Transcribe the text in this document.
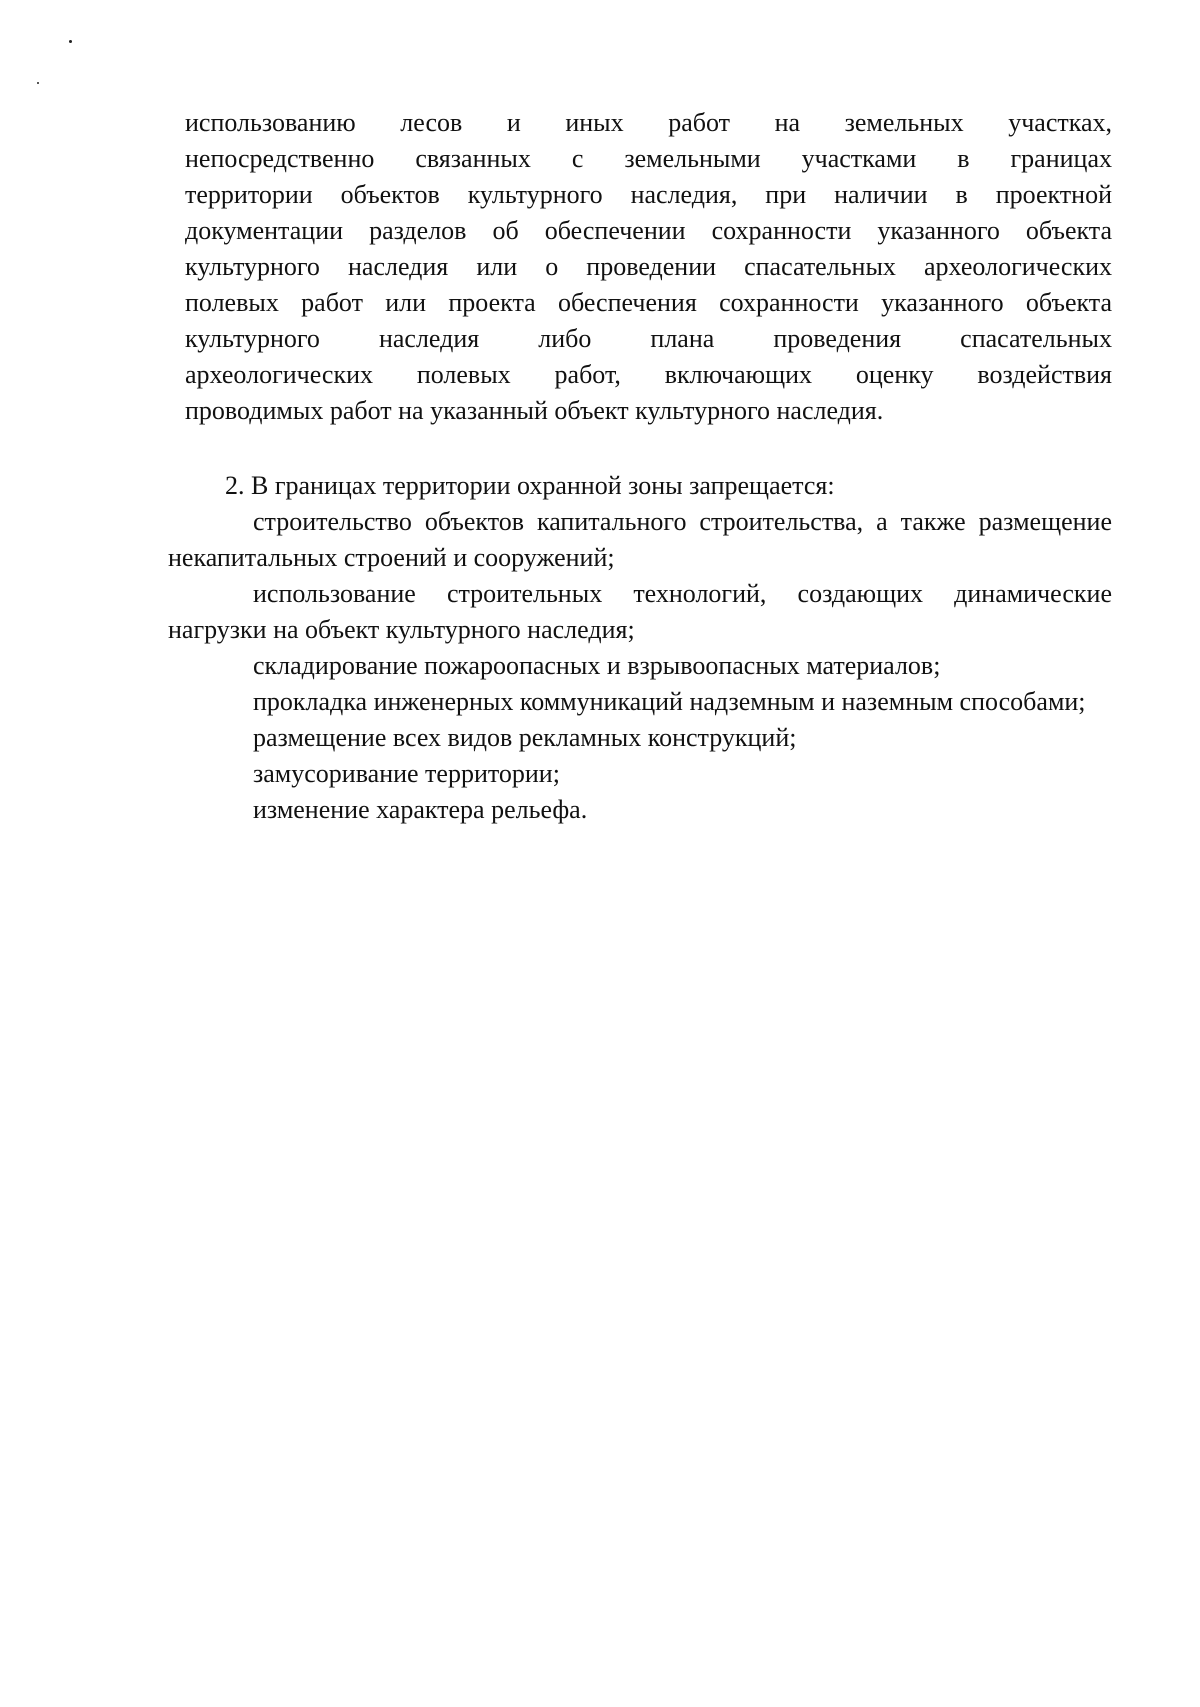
использованию лесов и иных работ на земельных участках,
непосредственно связанных с земельными участками в границах
территории объектов культурного наследия, при наличии в проектной
документации разделов об обеспечении сохранности указанного объекта
культурного наследия или о проведении спасательных археологических
полевых работ или проекта обеспечения сохранности указанного объекта
культурного наследия либо плана проведения спасательных
археологических полевых работ, включающих оценку воздействия
проводимых работ на указанный объект культурного наследия.
2. В границах территории охранной зоны запрещается:
строительство объектов капитального строительства, а также размещение некапитальных строений и сооружений;
использование строительных технологий, создающих динамические нагрузки на объект культурного наследия;
складирование пожароопасных и взрывоопасных материалов;
прокладка инженерных коммуникаций надземным и наземным способами;
размещение всех видов рекламных конструкций;
замусоривание территории;
изменение характера рельефа.
